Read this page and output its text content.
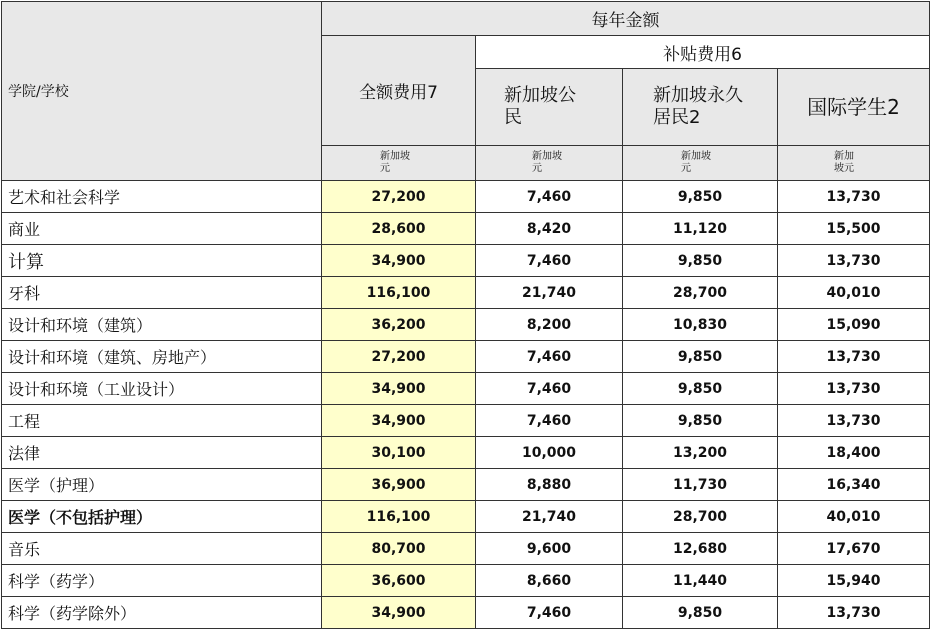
学院/学校	每年金额			
	全额费用7	补贴费用6		
		新加坡公民	新加坡永久居民2	国际学生2
	新加坡元	新加坡元	新加坡元	新加坡元
艺术和社会科学	27,200	7,460	9,850	13,730
商业	28,600	8,420	11,120	15,500
计算	34,900	7,460	9,850	13,730
牙科	116,100	21,740	28,700	40,010
设计和环境（建筑）	36,200	8,200	10,830	15,090
设计和环境（建筑、房地产）	27,200	7,460	9,850	13,730
设计和环境（工业设计）	34,900	7,460	9,850	13,730
工程	34,900	7,460	9,850	13,730
法律	30,100	10,000	13,200	18,400
医学（护理）	36,900	8,880	11,730	16,340
医学（不包括护理）	116,100	21,740	28,700	40,010
音乐	80,700	9,600	12,680	17,670
科学（药学）	36,600	8,660	11,440	15,940
科学（药学除外）	34,900	7,460	9,850	13,730
